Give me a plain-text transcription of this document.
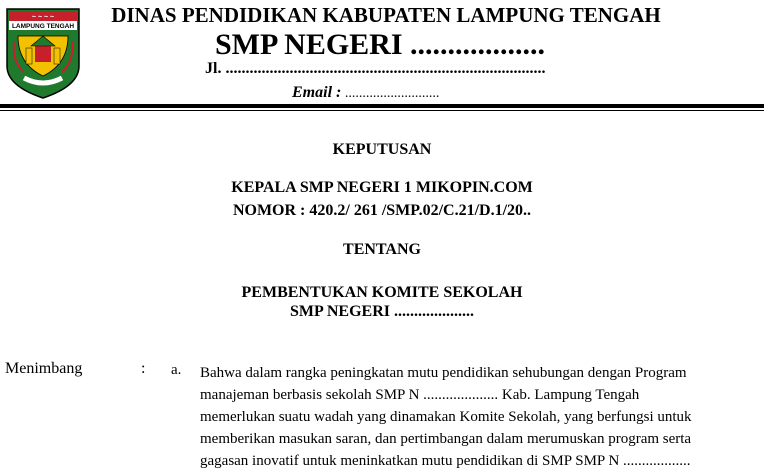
~ ~ ~ ~
LAMPUNG TENGAH DINAS PENDIDIKAN KABUPATEN LAMPUNG TENGAH
SMP NEGERI ..................
Jl. ................................................................................
Email : ...........................
KEPUTUSAN
KEPALA SMP NEGERI 1 MIKOPIN.COM
NOMOR : 420.2/ 261 /SMP.02/C.21/D.1/20..
TENTANG
PEMBENTUKAN KOMITE SEKOLAH
SMP NEGERI ....................
Menimbang	: a. Bahwa dalam rangka peningkatan mutu pendidikan sehubungan dengan Program
manajeman berbasis sekolah SMP N .................... Kab. Lampung Tengah
memerlukan suatu wadah yang dinamakan Komite Sekolah, yang berfungsi untuk
memberikan masukan saran, dan pertimbangan dalam merumuskan program serta
gagasan inovatif untuk meninkatkan mutu pendidikan di SMP SMP N ..................
